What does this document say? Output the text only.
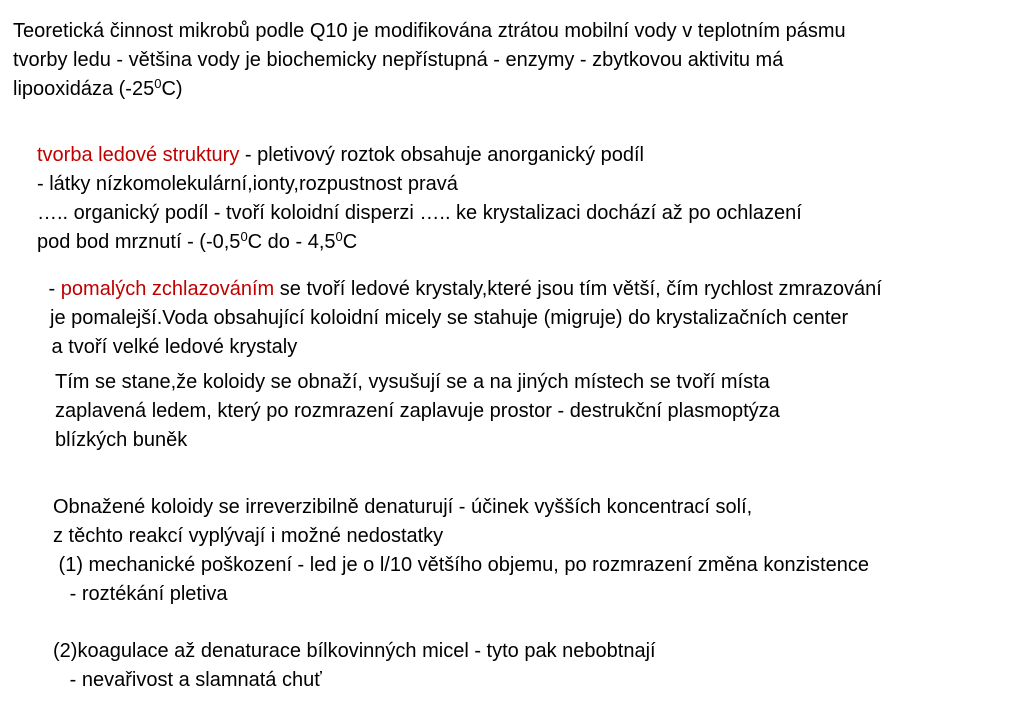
Teoretická činnost mikrobů podle Q10 je modifikována ztrátou mobilní vody v teplotním pásmu
tvorby ledu - většina vody je biochemicky nepřístupná - enzymy - zbytkovou aktivitu má
lipooxidáza $(-25^0C)$
tvorba ledové struktury - pletivový roztok obsahuje anorganický podíl
- látky nízkomolekulární,ionty,rozpustnost pravá
….. organický podíl - tvoří koloidní disperzi ….. ke krystalizaci dochází až po ochlazení
pod bod mrznutí - ($-0,5^0C$ do - $4,5^0C$
- pomalých zchlazováním se tvoří ledové krystaly,které jsou tím větší, čím rychlost zmrazování
je pomalejší.Voda obsahující koloidní micely se stahuje (migruje) do krystalizačních center
a tvoří velké ledové krystaly
Tím se stane,že koloidy se obnaží, vysušují se a na jiných místech se tvoří místa
zaplavená ledem, který po rozmrazení zaplavuje prostor - destrukční plasmoptýza
blízkých buněk
Obnažené koloidy se irreverzibilně denaturují - účinek vyšších koncentrací solí,
z těchto reakcí vyplývají i možné nedostatky
(1) mechanické poškození - led je o l/10 většího objemu, po rozmrazení změna konzistence
- roztékání pletiva
(2)koagulace až denaturace bílkovinných micel - tyto pak nebobtnají
- nevařivost a slamnatá chuť
